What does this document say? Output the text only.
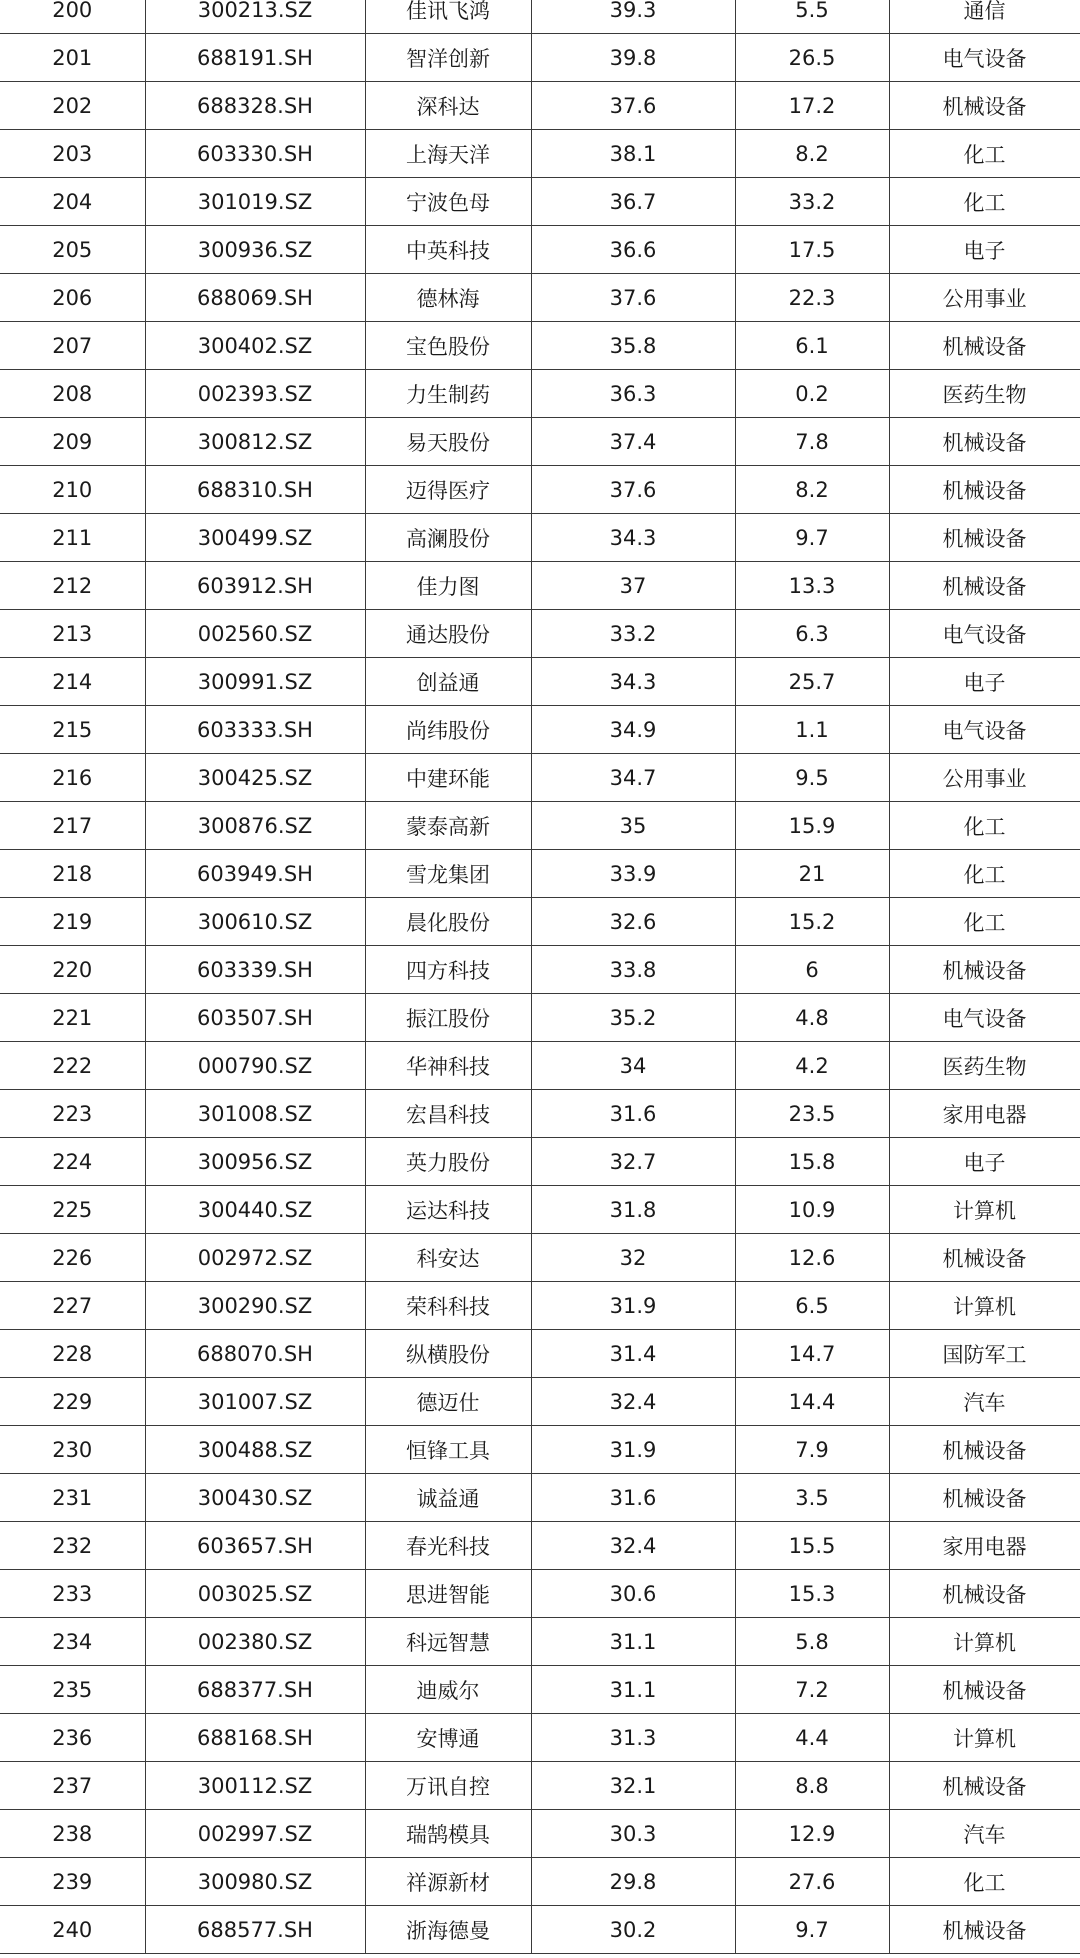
200	300213.SZ	佳讯飞鸿	39.3	5.5	通信
201	688191.SH	智洋创新	39.8	26.5	电气设备
202	688328.SH	深科达	37.6	17.2	机械设备
203	603330.SH	上海天洋	38.1	8.2	化工
204	301019.SZ	宁波色母	36.7	33.2	化工
205	300936.SZ	中英科技	36.6	17.5	电子
206	688069.SH	德林海	37.6	22.3	公用事业
207	300402.SZ	宝色股份	35.8	6.1	机械设备
208	002393.SZ	力生制药	36.3	0.2	医药生物
209	300812.SZ	易天股份	37.4	7.8	机械设备
210	688310.SH	迈得医疗	37.6	8.2	机械设备
211	300499.SZ	高澜股份	34.3	9.7	机械设备
212	603912.SH	佳力图	37	13.3	机械设备
213	002560.SZ	通达股份	33.2	6.3	电气设备
214	300991.SZ	创益通	34.3	25.7	电子
215	603333.SH	尚纬股份	34.9	1.1	电气设备
216	300425.SZ	中建环能	34.7	9.5	公用事业
217	300876.SZ	蒙泰高新	35	15.9	化工
218	603949.SH	雪龙集团	33.9	21	化工
219	300610.SZ	晨化股份	32.6	15.2	化工
220	603339.SH	四方科技	33.8	6	机械设备
221	603507.SH	振江股份	35.2	4.8	电气设备
222	000790.SZ	华神科技	34	4.2	医药生物
223	301008.SZ	宏昌科技	31.6	23.5	家用电器
224	300956.SZ	英力股份	32.7	15.8	电子
225	300440.SZ	运达科技	31.8	10.9	计算机
226	002972.SZ	科安达	32	12.6	机械设备
227	300290.SZ	荣科科技	31.9	6.5	计算机
228	688070.SH	纵横股份	31.4	14.7	国防军工
229	301007.SZ	德迈仕	32.4	14.4	汽车
230	300488.SZ	恒锋工具	31.9	7.9	机械设备
231	300430.SZ	诚益通	31.6	3.5	机械设备
232	603657.SH	春光科技	32.4	15.5	家用电器
233	003025.SZ	思进智能	30.6	15.3	机械设备
234	002380.SZ	科远智慧	31.1	5.8	计算机
235	688377.SH	迪威尔	31.1	7.2	机械设备
236	688168.SH	安博通	31.3	4.4	计算机
237	300112.SZ	万讯自控	32.1	8.8	机械设备
238	002997.SZ	瑞鹄模具	30.3	12.9	汽车
239	300980.SZ	祥源新材	29.8	27.6	化工
240	688577.SH	浙海德曼	30.2	9.7	机械设备
